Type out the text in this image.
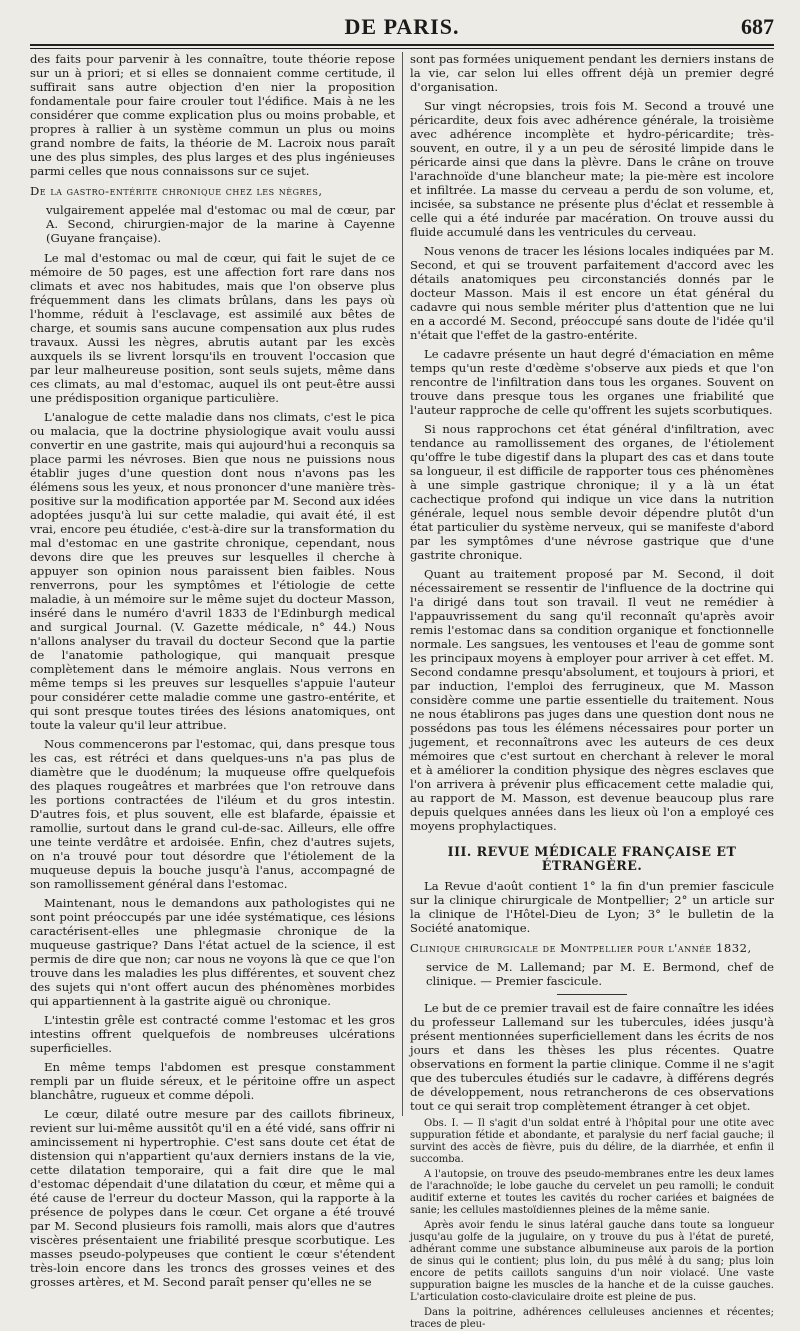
DE PARIS.	687

des faits pour parvenir à les connaître, toute théorie repose sur un à priori; et si elles se donnaient comme certitude, il suffirait sans autre objection d'en nier la proposition fondamentale pour faire crouler tout l'édifice. Mais à ne les considérer que comme explication plus ou moins probable, et propres à rallier à un système commun un plus ou moins grand nombre de faits, la théorie de M. Lacroix nous paraît une des plus simples, des plus larges et des plus ingénieuses parmi celles que nous connaissons sur ce sujet.

De la gastro-entérite chronique chez les nègres,

vulgairement appelée mal d'estomac ou mal de cœur, par A. Second, chirurgien-major de la marine à Cayenne (Guyane française).

Le mal d'estomac ou mal de cœur, qui fait le sujet de ce mémoire de 50 pages, est une affection fort rare dans nos climats et avec nos habitudes, mais que l'on observe plus fréquemment dans les climats brûlans, dans les pays où l'homme, réduit à l'esclavage, est assimilé aux bêtes de charge, et soumis sans aucune compensation aux plus rudes travaux. Aussi les nègres, abrutis autant par les excès auxquels ils se livrent lorsqu'ils en trouvent l'occasion que par leur malheureuse position, sont seuls sujets, même dans ces climats, au mal d'estomac, auquel ils ont peut-être aussi une prédisposition organique particulière.

L'analogue de cette maladie dans nos climats, c'est le pica ou malacia, que la doctrine physiologique avait voulu aussi convertir en une gastrite, mais qui aujourd'hui a reconquis sa place parmi les névroses. Bien que nous ne puissions nous établir juges d'une question dont nous n'avons pas les élémens sous les yeux, et nous prononcer d'une manière très-positive sur la modification apportée par M. Second aux idées adoptées jusqu'à lui sur cette maladie, qui avait été, il est vrai, encore peu étudiée, c'est-à-dire sur la transformation du mal d'estomac en une gastrite chronique, cependant, nous devons dire que les preuves sur lesquelles il cherche à appuyer son opinion nous paraissent bien faibles. Nous renverrons, pour les symptômes et l'étiologie de cette maladie, à un mémoire sur le même sujet du docteur Masson, inséré dans le numéro d'avril 1833 de l'Edinburgh medical and surgical Journal. (V. Gazette médicale, n° 44.) Nous n'allons analyser du travail du docteur Second que la partie de l'anatomie pathologique, qui manquait presque complètement dans le mémoire anglais. Nous verrons en même temps si les preuves sur lesquelles s'appuie l'auteur pour considérer cette maladie comme une gastro-entérite, et qui sont presque toutes tirées des lésions anatomiques, ont toute la valeur qu'il leur attribue.

Nous commencerons par l'estomac, qui, dans presque tous les cas, est rétréci et dans quelques-uns n'a pas plus de diamètre que le duodénum; la muqueuse offre quelquefois des plaques rougeâtres et marbrées que l'on retrouve dans les portions contractées de l'iléum et du gros intestin. D'autres fois, et plus souvent, elle est blafarde, épaissie et ramollie, surtout dans le grand cul-de-sac. Ailleurs, elle offre une teinte verdâtre et ardoisée. Enfin, chez d'autres sujets, on n'a trouvé pour tout désordre que l'étiolement de la muqueuse depuis la bouche jusqu'à l'anus, accompagné de son ramollissement général dans l'estomac.

Maintenant, nous le demandons aux pathologistes qui ne sont point préoccupés par une idée systématique, ces lésions caractérisent-elles une phlegmasie chronique de la muqueuse gastrique? Dans l'état actuel de la science, il est permis de dire que non; car nous ne voyons là que ce que l'on trouve dans les maladies les plus différentes, et souvent chez des sujets qui n'ont offert aucun des phénomènes morbides qui appartiennent à la gastrite aiguë ou chronique.

L'intestin grêle est contracté comme l'estomac et les gros intestins offrent quelquefois de nombreuses ulcérations superficielles.

En même temps l'abdomen est presque constamment rempli par un fluide séreux, et le péritoine offre un aspect blanchâtre, rugueux et comme dépoli.

Le cœur, dilaté outre mesure par des caillots fibrineux, revient sur lui-même aussitôt qu'il en a été vidé, sans offrir ni amincissement ni hypertrophie. C'est sans doute cet état de distension qui n'appartient qu'aux derniers instans de la vie, cette dilatation temporaire, qui a fait dire que le mal d'estomac dépendait d'une dilatation du cœur, et même qui a été cause de l'erreur du docteur Masson, qui la rapporte à la présence de polypes dans le cœur. Cet organe a été trouvé par M. Second plusieurs fois ramolli, mais alors que d'autres viscères présentaient une friabilité presque scorbutique. Les masses pseudo-polypeuses que contient le cœur s'étendent très-loin encore dans les troncs des grosses veines et des grosses artères, et M. Second paraît penser qu'elles ne se

sont pas formées uniquement pendant les derniers instans de la vie, car selon lui elles offrent déjà un premier degré d'organisation.

Sur vingt nécropsies, trois fois M. Second a trouvé une péricardite, deux fois avec adhérence générale, la troisième avec adhérence incomplète et hydro-péricardite; très-souvent, en outre, il y a un peu de sérosité limpide dans le péricarde ainsi que dans la plèvre. Dans le crâne on trouve l'arachnoïde d'une blancheur mate; la pie-mère est incolore et infiltrée. La masse du cerveau a perdu de son volume, et, incisée, sa substance ne présente plus d'éclat et ressemble à celle qui a été indurée par macération. On trouve aussi du fluide accumulé dans les ventricules du cerveau.

Nous venons de tracer les lésions locales indiquées par M. Second, et qui se trouvent parfaitement d'accord avec les détails anatomiques peu circonstanciés donnés par le docteur Masson. Mais il est encore un état général du cadavre qui nous semble mériter plus d'attention que ne lui en a accordé M. Second, préoccupé sans doute de l'idée qu'il n'était que l'effet de la gastro-entérite.

Le cadavre présente un haut degré d'émaciation en même temps qu'un reste d'œdème s'observe aux pieds et que l'on rencontre de l'infiltration dans tous les organes. Souvent on trouve dans presque tous les organes une friabilité que l'auteur rapproche de celle qu'offrent les sujets scorbutiques.

Si nous rapprochons cet état général d'infiltration, avec tendance au ramollissement des organes, de l'étiolement qu'offre le tube digestif dans la plupart des cas et dans toute sa longueur, il est difficile de rapporter tous ces phénomènes à une simple gastrique chronique; il y a là un état cachectique profond qui indique un vice dans la nutrition générale, lequel nous semble devoir dépendre plutôt d'un état particulier du système nerveux, qui se manifeste d'abord par les symptômes d'une névrose gastrique que d'une gastrite chronique.

Quant au traitement proposé par M. Second, il doit nécessairement se ressentir de l'influence de la doctrine qui l'a dirigé dans tout son travail. Il veut ne remédier à l'appauvrissement du sang qu'il reconnaît qu'après avoir remis l'estomac dans sa condition organique et fonctionnelle normale. Les sangsues, les ventouses et l'eau de gomme sont les principaux moyens à employer pour arriver à cet effet. M. Second condamne presqu'absolument, et toujours à priori, et par induction, l'emploi des ferrugineux, que M. Masson considère comme une partie essentielle du traitement. Nous ne nous établirons pas juges dans une question dont nous ne possédons pas tous les élémens nécessaires pour porter un jugement, et reconnaîtrons avec les auteurs de ces deux mémoires que c'est surtout en cherchant à relever le moral et à améliorer la condition physique des nègres esclaves que l'on arrivera à prévenir plus efficacement cette maladie qui, au rapport de M. Masson, est devenue beaucoup plus rare depuis quelques années dans les lieux où l'on a employé ces moyens prophylactiques.

III. REVUE MÉDICALE FRANÇAISE ET ÉTRANGÈRE.

La Revue d'août contient 1° la fin d'un premier fascicule sur la clinique chirurgicale de Montpellier; 2° un article sur la clinique de l'Hôtel-Dieu de Lyon; 3° le bulletin de la Société anatomique.

Clinique chirurgicale de Montpellier pour l'année 1832,

service de M. Lallemand; par M. E. Bermond, chef de clinique. — Premier fascicule.

Le but de ce premier travail est de faire connaître les idées du professeur Lallemand sur les tubercules, idées jusqu'à présent mentionnées superficiellement dans les écrits de nos jours et dans les thèses les plus récentes. Quatre observations en forment la partie clinique. Comme il ne s'agit que des tubercules étudiés sur le cadavre, à différens degrés de développement, nous retrancherons de ces observations tout ce qui serait trop complètement étranger à cet objet.

Obs. I. — Il s'agit d'un soldat entré à l'hôpital pour une otite avec suppuration fétide et abondante, et paralysie du nerf facial gauche; il survint des accès de fièvre, puis du délire, de la diarrhée, et enfin il succomba.

A l'autopsie, on trouve des pseudo-membranes entre les deux lames de l'arachnoïde; le lobe gauche du cervelet un peu ramolli; le conduit auditif externe et toutes les cavités du rocher cariées et baignées de sanie; les cellules mastoïdiennes pleines de la même sanie.

Après avoir fendu le sinus latéral gauche dans toute sa longueur jusqu'au golfe de la jugulaire, on y trouve du pus à l'état de pureté, adhérant comme une substance albumineuse aux parois de la portion de sinus qui le contient; plus loin, du pus mêlé à du sang; plus loin encore de petits caillots sanguins d'un noir violacé. Une vaste suppuration baigne les muscles de la hanche et de la cuisse gauches. L'articulation costo-claviculaire droite est pleine de pus.

Dans la poitrine, adhérences celluleuses anciennes et récentes; traces de pleu-
